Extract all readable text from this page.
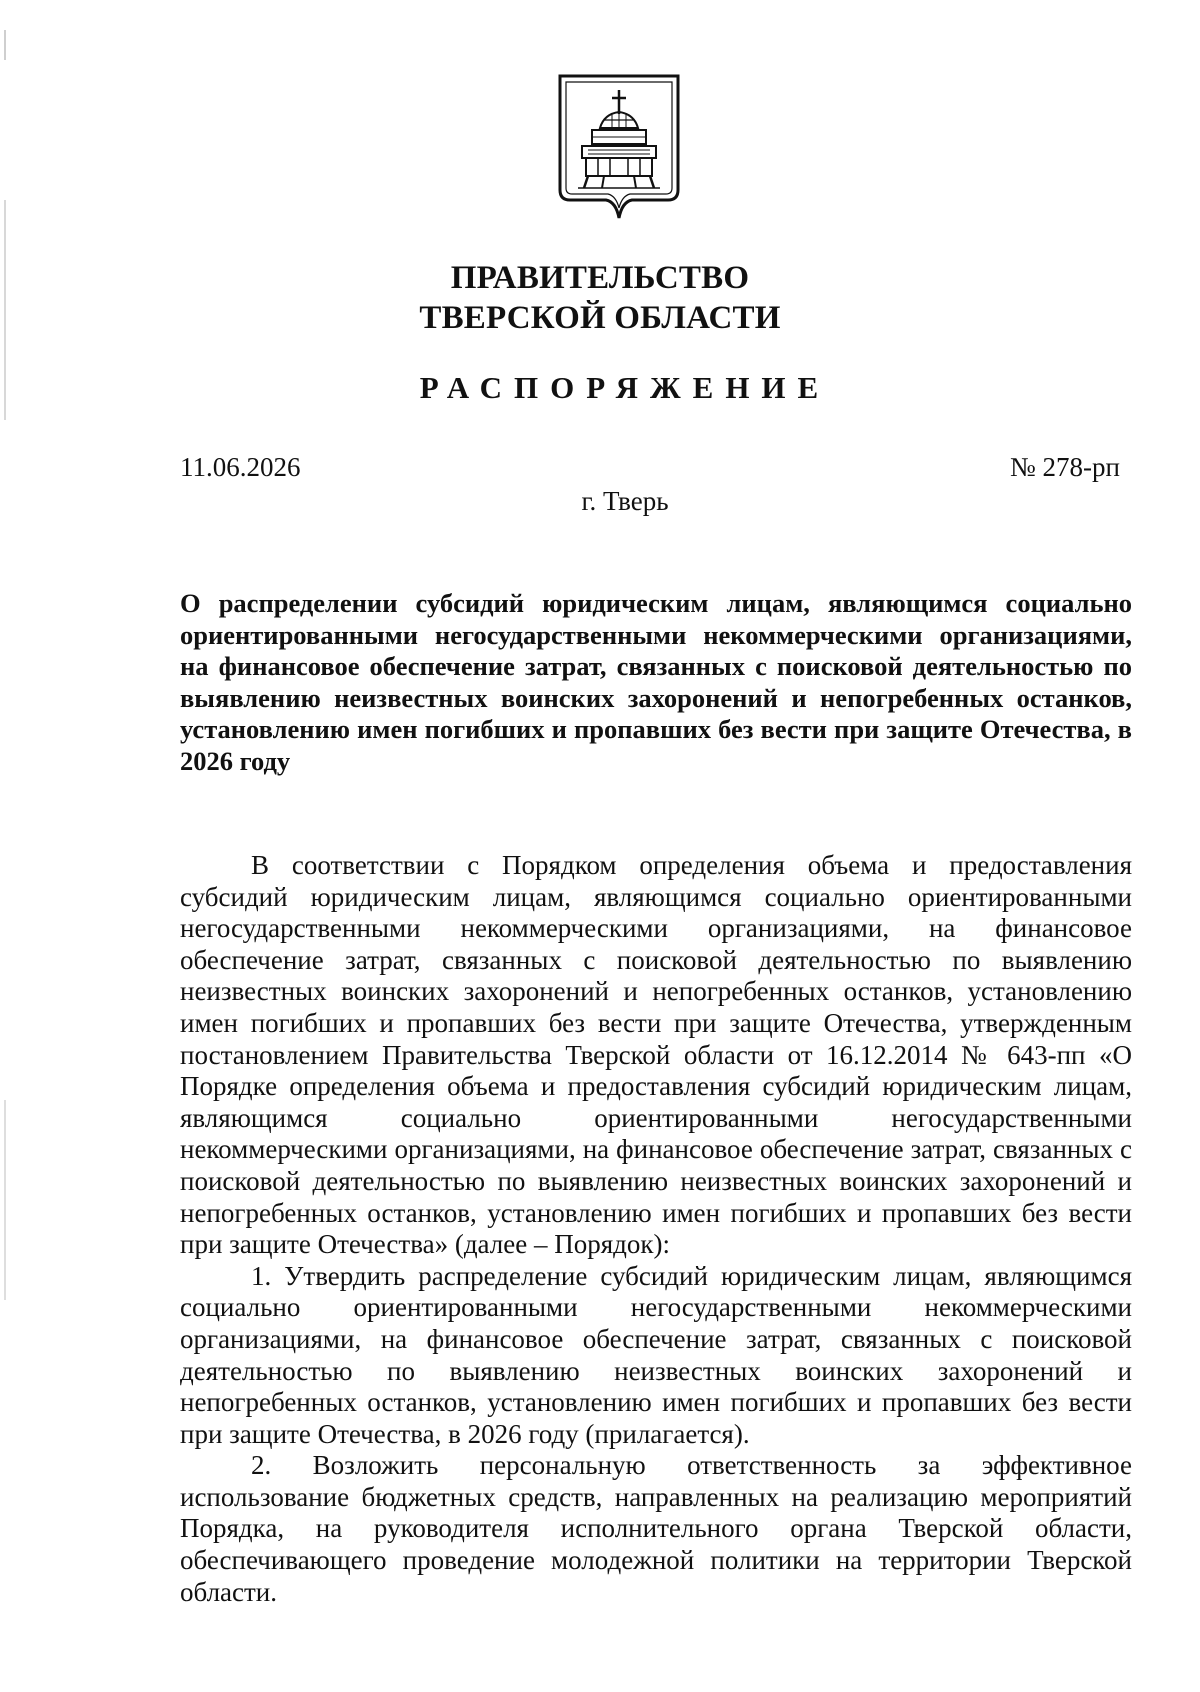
ПРАВИТЕЛЬСТВО
ТВЕРСКОЙ ОБЛАСТИ
РАСПОРЯЖЕНИЕ
11.06.2026	№ 278-рп
г. Тверь
О распределении субсидий юридическим лицам, являющимся социально ориентированными негосударственными некоммерческими организациями, на финансовое обеспечение затрат, связанных с поисковой деятельностью по выявлению неизвестных воинских захоронений и непогребенных останков, установлению имен погибших и пропавших без вести при защите Отечества, в 2026 году

В соответствии с Порядком определения объема и предоставления субсидий юридическим лицам, являющимся социально ориентированными негосударственными некоммерческими организациями, на финансовое обеспечение затрат, связанных с поисковой деятельностью по выявлению неизвестных воинских захоронений и непогребенных останков, установлению имен погибших и пропавших без вести при защите Отечества, утвержденным постановлением Правительства Тверской области от 16.12.2014 № 643-пп «О Порядке определения объема и предоставления субсидий юридическим лицам, являющимся социально ориентированными негосударственными некоммерческими организациями, на финансовое обеспечение затрат, связанных с поисковой деятельностью по выявлению неизвестных воинских захоронений и непогребенных останков, установлению имен погибших и пропавших без вести при защите Отечества» (далее – Порядок):

1. Утвердить распределение субсидий юридическим лицам, являющимся социально ориентированными негосударственными некоммерческими организациями, на финансовое обеспечение затрат, связанных с поисковой деятельностью по выявлению неизвестных воинских захоронений и непогребенных останков, установлению имен погибших и пропавших без вести при защите Отечества, в 2026 году (прилагается).

2. Возложить персональную ответственность за эффективное использование бюджетных средств, направленных на реализацию мероприятий Порядка, на руководителя исполнительного органа Тверской области, обеспечивающего проведение молодежной политики на территории Тверской области.
